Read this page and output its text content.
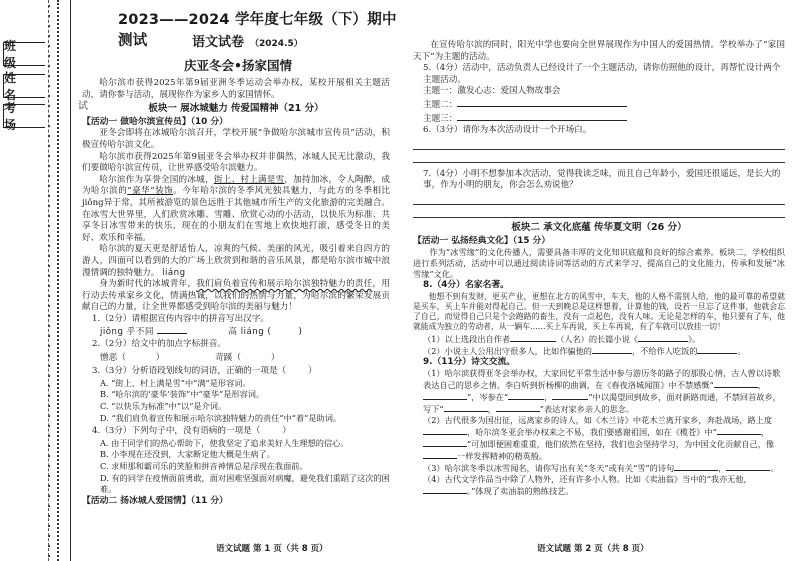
班 级
姓 名
考 场
试
2023——2024 学年度七年级（下）期中测试	语文试卷 （2024.5）
庆亚冬会•扬家国情

哈尔滨市获得2025年第9届亚洲冬季运动会举办权，某校开展相关主题活动，请你参与活动，展现你作为家乡人的家国情怀。

板块一 展冰城魅力 传爱国精神（21 分）
【活动一 做哈尔滨宣传员】（10 分）

亚冬会即将在冰城哈尔滨召开，学校开展“争做哈尔滨城市宣传员”活动，积极宣传哈尔滨文化。

哈尔滨市获得2025年第9届亚冬会举办权并非偶然，冰城人民无比激动，我们要做哈尔滨宣传员，让世界感受哈尔滨魅力。

哈尔滨作为享誉全国的冰城，街上、村上满是雪，加持加冰，令人陶醉，成为哈尔滨的“豪华”装饰。今年哈尔滨的冬季风光独具魅力，与此方的冬季相比jiǒng异于常，其所被游览的景色远胜于其他城市所生产的文化旅游的完美融合。在冰雪大世界里，人们欣赏冰雕、雪雕、欣赏心动的小活动，以快乐为标准、共享冬日冰雪带来的快乐，现在的小朋友们在雪地上欢快地打滚，感受冬日的美好、欢乐和幸福。

哈尔滨的夏天更是舒适怡人，凉爽的气候、美丽的风光，吸引着来自四方的游人，四面可以看到的大的广场上欣赏到和谐的音乐风景，都是哈尔滨市城中浪漫情调的独特魅力。 liáng

身为新时代的冰城青年，我们肩负着宣传和展示哈尔滨独特魅力的责任，用行动去传承家乡文化，情满热诚，以我们的热情与力量，为哈尔滨的繁荣发展贡献自己的力量，让全世界都感受到哈尔滨的美丽与魅力！

1.（2分）请根据宣传内容中的拼音写出汉字。
jiǒng 乎不同	高 liáng (	)
2.（2分）给文中的加点字标拼音。
憎恶（	）	苛蹊（	）
3.（3分）分析语段划线句的词语，正确的一项是（	）
A. “街上、村上满是雪”中“满”是形容词。
B. “哈尔滨的‘豪华’装饰”中“豪华”是形容词。
C. “以快乐为标准”中“以”是介词。
D. “我们肩负着宣传和展示哈尔滨独特魅力的责任”中“着”是助词。
4.（3分）下列句子中，没有语病的一项是（	）
A. 由于同学们的热心帮助下，使我坚定了追求美好人生理想的信心。
B. 小李现在还没到，大家断定他大概是生病了。
C. 求师那和霸司乐的笑脸和拼音神情总是浮现在我面前。
D. 有的同学在疫情面前勇敢，面对困难坚强面对病魔，避免我们重蹈了这次的困难。
【活动二 扬冰城人爱国情】（11 分）
语文试题 第 1 页（共 8 页）

在宣传哈尔滨的同时，阳光中学也要向全世界展现作为中国人的爱国热情。学校举办了“家国天下”为主题的活动。

5.（4分）活动中，活动负责人已经设计了一个主题活动，请你仿照他的设计，再帮忙设计两个主题活动。
主题一：激发心志：爱国人物故事会
主题二：
主题三：
6.（3分）请你为本次活动设计一个开场白。
7.（4分）小明不想参加本次活动，觉得我读乏味，而且自己年龄小，爱国还很遥远，是长大的事，作为小明的朋友，你会怎么劝说他？
板块二 承文化底蕴 传华夏文明（26 分）
【活动一 弘扬经典文化】（15 分）

作为“冰雪缘”的文化传播人，需要具备丰厚的文化知识底蕴和良好的综合素养。板块二，学校组织进行系列活动，活动中可以通过阅读诗词等活动的方式来学习、提高自己的文化能力，传承和发展“冰雪缘”文化。

8.（4分）名家名著。

他想不到有发财，更买产业，更想在北方的风雪中，车夫，他的人格不需别人给，他的最可靠的希望就是买车，买上车并能对得起自己。但一天到晚总是这样想着，计算他的钱，设若一旦忘了这件事，他就会忘了自己，而觉得自己只是个会跑路的畜生，没有一点起色，没有人味。无论是怎样的车，他只要有了车，他就能成为独立的劳动者，从一辆车……买上车再说，买上车再说，有了车就可以放挂一切！

（1）以上选段出自作者	（人名）的长篇小说《	》。
（2）小说主人公用出守很多人，比如作骗他的	，不给作人吃饭的	。
9.（11分）诗文交流。
（1）哈尔滨获得亚冬会举办权，大家回忆平常生活中参与游历冬的路子的那股心情，古人曾以诗歌表达自己的思乡之情。李白听到折杨柳的曲调，在《春夜洛城闻笛》中不禁感慨“	，”，岑参在“	，	”中以渴望回到故乡，面对新路而通，不禁回首故乡，写下“	，	”表达对家乡亲人的思念。
（2）古代很多为国出征，远离家乡的诗人，如《木兰诗》中花木兰离开家乡，奔赴战场，路上度，哈尔滨冬亚会举办权来之不易，我们要感谢祖国，如在《榄苍》中“	，”可加即便困难重重，他们依然在坚持，我们也会坚持学习，为中国文化贡献自己，像一样发挥精神的精英般。
（3）哈尔滨冬季以冰雪闻名，请你写出有关“冬天”或有关“雪”的诗句	，	。
（4）古代文学作品当中除了人物外，还有许多小人物。比如《卖油翁》当中的“我亦无他，。”体现了卖油翁的熟练技艺。
语文试题 第 2 页（共 8 页）
